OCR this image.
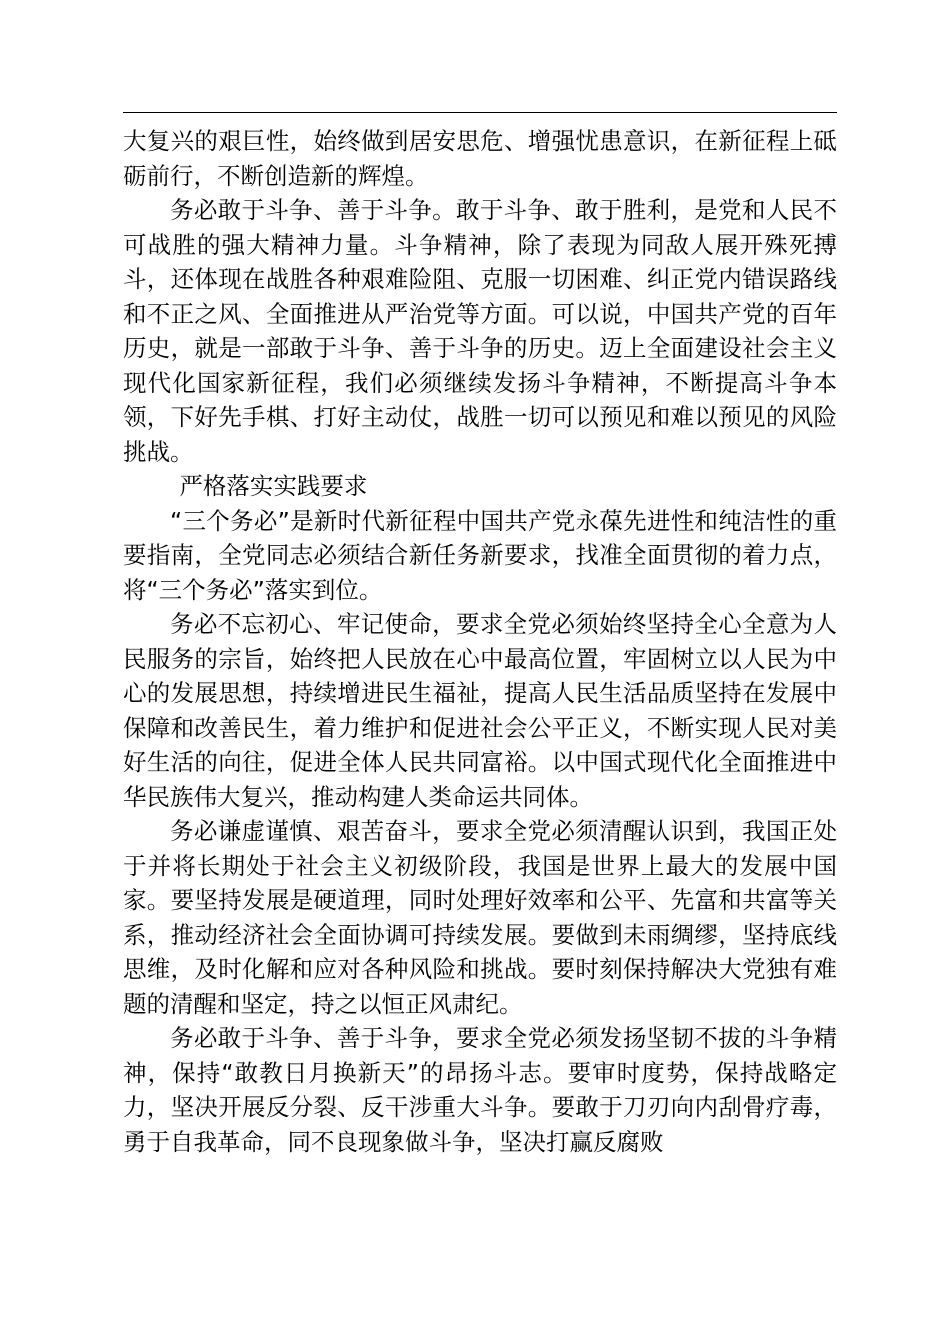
大复兴的艰巨性，始终做到居安思危、增强忧患意识，在新征程上砥砺前行，不断创造新的辉煌。

务必敢于斗争、善于斗争。敢于斗争、敢于胜利，是党和人民不可战胜的强大精神力量。斗争精神，除了表现为同敌人展开殊死搏斗，还体现在战胜各种艰难险阻、克服一切困难、纠正党内错误路线和不正之风、全面推进从严治党等方面。可以说，中国共产党的百年历史，就是一部敢于斗争、善于斗争的历史。迈上全面建设社会主义现代化国家新征程，我们必须继续发扬斗争精神，不断提高斗争本领，下好先手棋、打好主动仗，战胜一切可以预见和难以预见的风险挑战。

严格落实实践要求

“三个务必”是新时代新征程中国共产党永葆先进性和纯洁性的重要指南，全党同志必须结合新任务新要求，找准全面贯彻的着力点，将“三个务必”落实到位。

务必不忘初心、牢记使命，要求全党必须始终坚持全心全意为人民服务的宗旨，始终把人民放在心中最高位置，牢固树立以人民为中心的发展思想，持续增进民生福祉，提高人民生活品质坚持在发展中保障和改善民生，着力维护和促进社会公平正义，不断实现人民对美好生活的向往，促进全体人民共同富裕。以中国式现代化全面推进中华民族伟大复兴，推动构建人类命运共同体。

务必谦虚谨慎、艰苦奋斗，要求全党必须清醒认识到，我国正处于并将长期处于社会主义初级阶段，我国是世界上最大的发展中国家。要坚持发展是硬道理，同时处理好效率和公平、先富和共富等关系，推动经济社会全面协调可持续发展。要做到未雨绸缪，坚持底线思维，及时化解和应对各种风险和挑战。要时刻保持解决大党独有难题的清醒和坚定，持之以恒正风肃纪。

务必敢于斗争、善于斗争，要求全党必须发扬坚韧不拔的斗争精神，保持“敢教日月换新天”的昂扬斗志。要审时度势，保持战略定力，坚决开展反分裂、反干涉重大斗争。要敢于刀刃向内刮骨疗毒，勇于自我革命，同不良现象做斗争，坚决打赢反腐败
